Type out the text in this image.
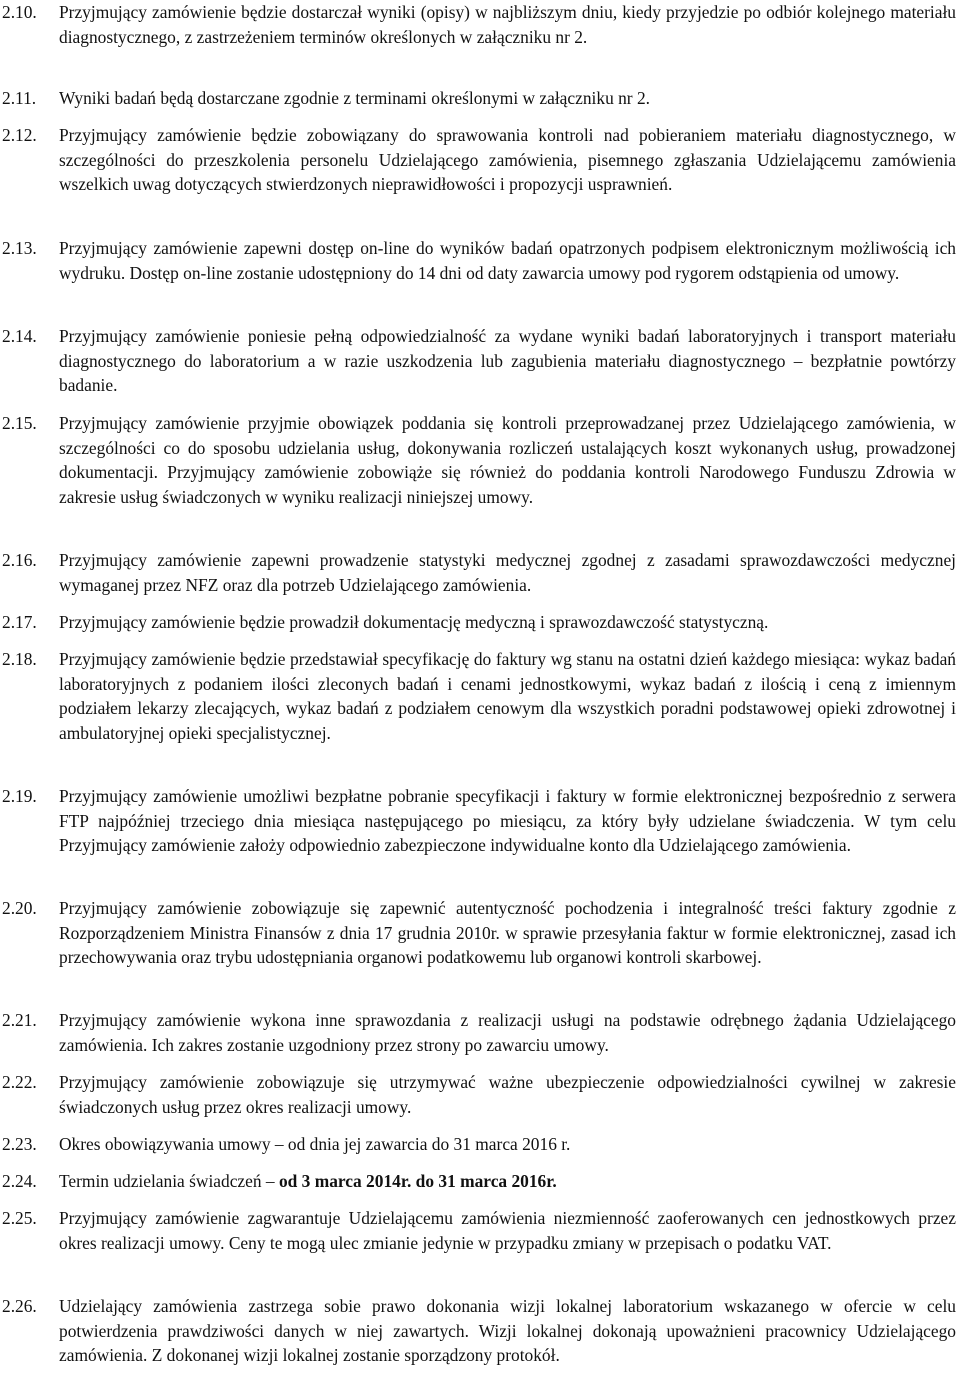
2.10.	Przyjmujący zamówienie będzie dostarczał wyniki (opisy) w najbliższym dniu, kiedy przyjedzie po odbiór kolejnego materiału diagnostycznego, z zastrzeżeniem terminów określonych w załączniku nr 2.
2.11.	Wyniki badań będą dostarczane zgodnie z terminami określonymi w załączniku nr 2.
2.12.	Przyjmujący zamówienie będzie zobowiązany do sprawowania kontroli nad pobieraniem materiału diagnostycznego, w szczególności do przeszkolenia personelu Udzielającego zamówienia, pisemnego zgłaszania Udzielającemu zamówienia wszelkich uwag dotyczących stwierdzonych nieprawidłowości i propozycji usprawnień.
2.13.	Przyjmujący zamówienie zapewni dostęp on-line do wyników badań opatrzonych podpisem elektronicznym możliwością ich wydruku. Dostęp on-line zostanie udostępniony do 14 dni od daty zawarcia umowy pod rygorem odstąpienia od umowy.
2.14.	Przyjmujący zamówienie poniesie pełną odpowiedzialność za wydane wyniki badań laboratoryjnych i transport materiału diagnostycznego do laboratorium a w razie uszkodzenia lub zagubienia materiału diagnostycznego – bezpłatnie powtórzy badanie.
2.15.	Przyjmujący zamówienie przyjmie obowiązek poddania się kontroli przeprowadzanej przez Udzielającego zamówienia, w szczególności co do sposobu udzielania usług, dokonywania rozliczeń ustalających koszt wykonanych usług, prowadzonej dokumentacji. Przyjmujący zamówienie zobowiąże się również do poddania kontroli Narodowego Funduszu Zdrowia w zakresie usług świadczonych w wyniku realizacji niniejszej umowy.
2.16.	Przyjmujący zamówienie zapewni prowadzenie statystyki medycznej zgodnej z zasadami sprawozdawczości medycznej wymaganej przez NFZ oraz dla potrzeb Udzielającego zamówienia.
2.17.	Przyjmujący zamówienie będzie prowadził dokumentację medyczną i sprawozdawczość statystyczną.
2.18.	Przyjmujący zamówienie będzie przedstawiał specyfikację do faktury wg stanu na ostatni dzień każdego miesiąca: wykaz badań laboratoryjnych z podaniem ilości zleconych badań i cenami jednostkowymi, wykaz badań z ilością i ceną z imiennym podziałem lekarzy zlecających, wykaz badań z podziałem cenowym dla wszystkich poradni podstawowej opieki zdrowotnej i ambulatoryjnej opieki specjalistycznej.
2.19.	Przyjmujący zamówienie umożliwi bezpłatne pobranie specyfikacji i faktury w formie elektronicznej bezpośrednio z serwera FTP najpóźniej trzeciego dnia miesiąca następującego po miesiącu, za który były udzielane świadczenia. W tym celu Przyjmujący zamówienie założy odpowiednio zabezpieczone indywidualne konto dla Udzielającego zamówienia.
2.20.	Przyjmujący zamówienie zobowiązuje się zapewnić autentyczność pochodzenia i integralność treści faktury zgodnie z Rozporządzeniem Ministra Finansów z dnia 17 grudnia 2010r. w sprawie przesyłania faktur w formie elektronicznej, zasad ich przechowywania oraz trybu udostępniania organowi podatkowemu lub organowi kontroli skarbowej.
2.21.	Przyjmujący zamówienie wykona inne sprawozdania z realizacji usługi na podstawie odrębnego żądania Udzielającego zamówienia. Ich zakres zostanie uzgodniony przez strony po zawarciu umowy.
2.22.	Przyjmujący zamówienie zobowiązuje się utrzymywać ważne ubezpieczenie odpowiedzialności cywilnej w zakresie świadczonych usług przez okres realizacji umowy.
2.23.	Okres obowiązywania umowy – od dnia jej zawarcia do 31 marca 2016 r.
2.24.	Termin udzielania świadczeń – od 3 marca 2014r. do 31 marca 2016r.
2.25.	Przyjmujący zamówienie zagwarantuje Udzielającemu zamówienia niezmienność zaoferowanych cen jednostkowych przez okres realizacji umowy. Ceny te mogą ulec zmianie jedynie w przypadku zmiany w przepisach o podatku VAT.
2.26.	Udzielający zamówienia zastrzega sobie prawo dokonania wizji lokalnej laboratorium wskazanego w ofercie w celu potwierdzenia prawdziwości danych w niej zawartych. Wizji lokalnej dokonają upoważnieni pracownicy Udzielającego zamówienia. Z dokonanej wizji lokalnej zostanie sporządzony protokół.
